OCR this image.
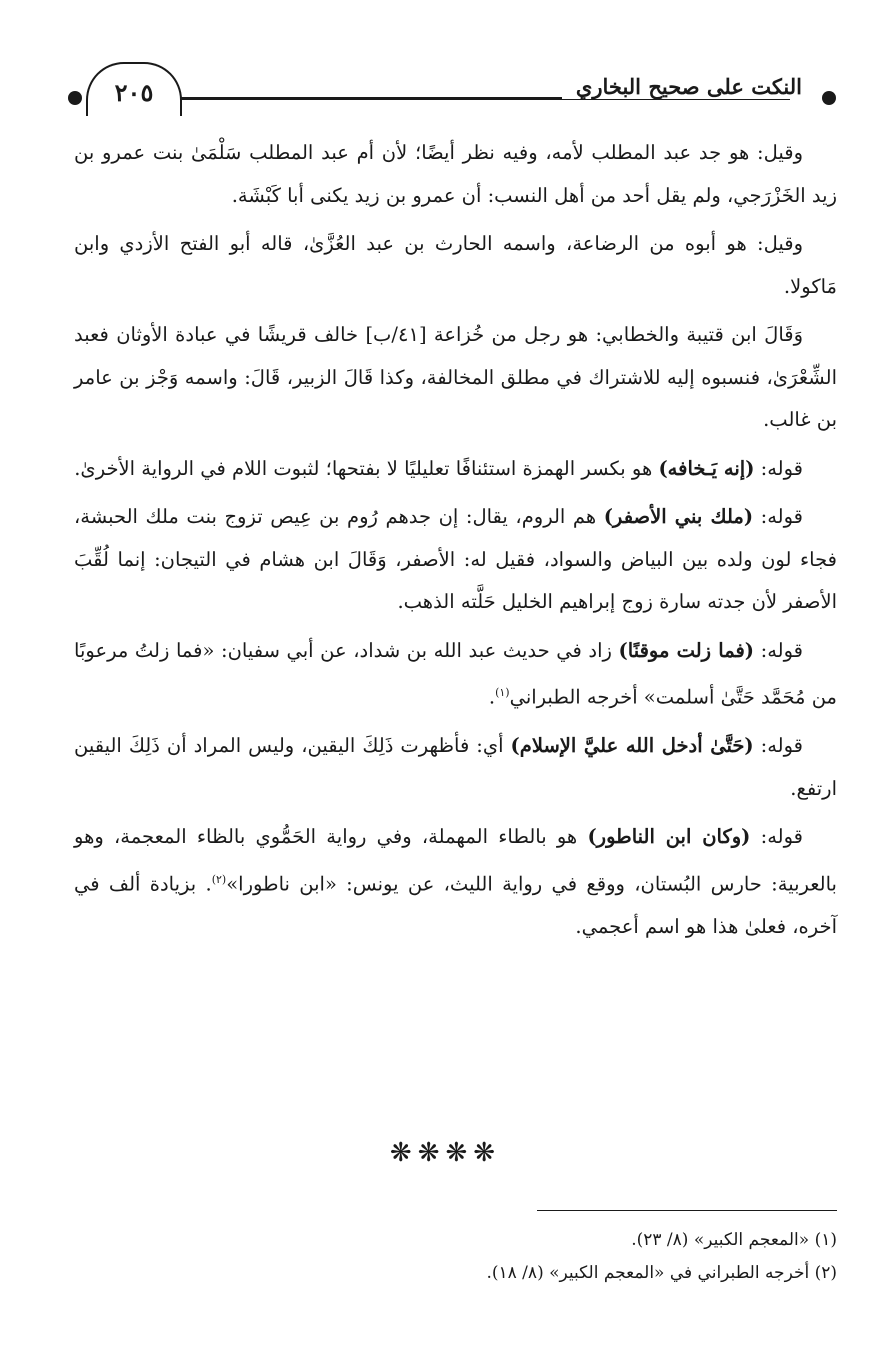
النكت على صحيح البخاري
٢٠٥

وقيل: هو جد عبد المطلب لأمه، وفيه نظر أيضًا؛ لأن أم عبد المطلب سَلْمَىٰ بنت عمرو بن زيد الخَزْرَجي، ولم يقل أحد من أهل النسب: أن عمرو بن زيد يكنى أبا كَبْشَة.

وقيل: هو أبوه من الرضاعة، واسمه الحارث بن عبد العُزَّىٰ، قاله أبو الفتح الأزدي وابن مَاكولا.

وَقَالَ ابن قتيبة والخطابي: هو رجل من خُزاعة [٤١/ب] خالف قريشًا في عبادة الأوثان فعبد الشِّعْرَىٰ، فنسبوه إليه للاشتراك في مطلق المخالفة، وكذا قَالَ الزبير، قَالَ: واسمه وَجْز بن عامر بن غالب.

قوله: (إنه يَـخافه) هو بكسر الهمزة استئنافًا تعليليًا لا بفتحها؛ لثبوت اللام في الرواية الأخرىٰ.

قوله: (ملك بني الأصفر) هم الروم، يقال: إن جدهم رُوم بن عِيص تزوج بنت ملك الحبشة، فجاء لون ولده بين البياض والسواد، فقيل له: الأصفر، وَقَالَ ابن هشام في التيجان: إنما لُقِّبَ الأصفر لأن جدته سارة زوج إبراهيم الخليل حَلَّته الذهب.

قوله: (فما زلت موقنًا) زاد في حديث عبد الله بن شداد، عن أبي سفيان: «فما زلتُ مرعوبًا من مُحَمَّد حَتَّىٰ أسلمت» أخرجه الطبراني$^{(١)}$.

قوله: (حَتَّىٰ أدخل الله عليَّ الإسلام) أي: فأظهرت ذَلِكَ اليقين، وليس المراد أن ذَلِكَ اليقين ارتفع.

قوله: (وكان ابن الناطور) هو بالطاء المهملة، وفي رواية الحَمُّوي بالظاء المعجمة، وهو بالعربية: حارس البُستان، ووقع في رواية الليث، عن يونس: «ابن ناطورا»$^{(٢)}$. بزيادة ألف في آخره، فعلىٰ هذا هو اسم أعجمي.

❋❋❋❋
(١) «المعجم الكبير» (٨/ ٢٣).
(٢) أخرجه الطبراني في «المعجم الكبير» (٨/ ١٨).
